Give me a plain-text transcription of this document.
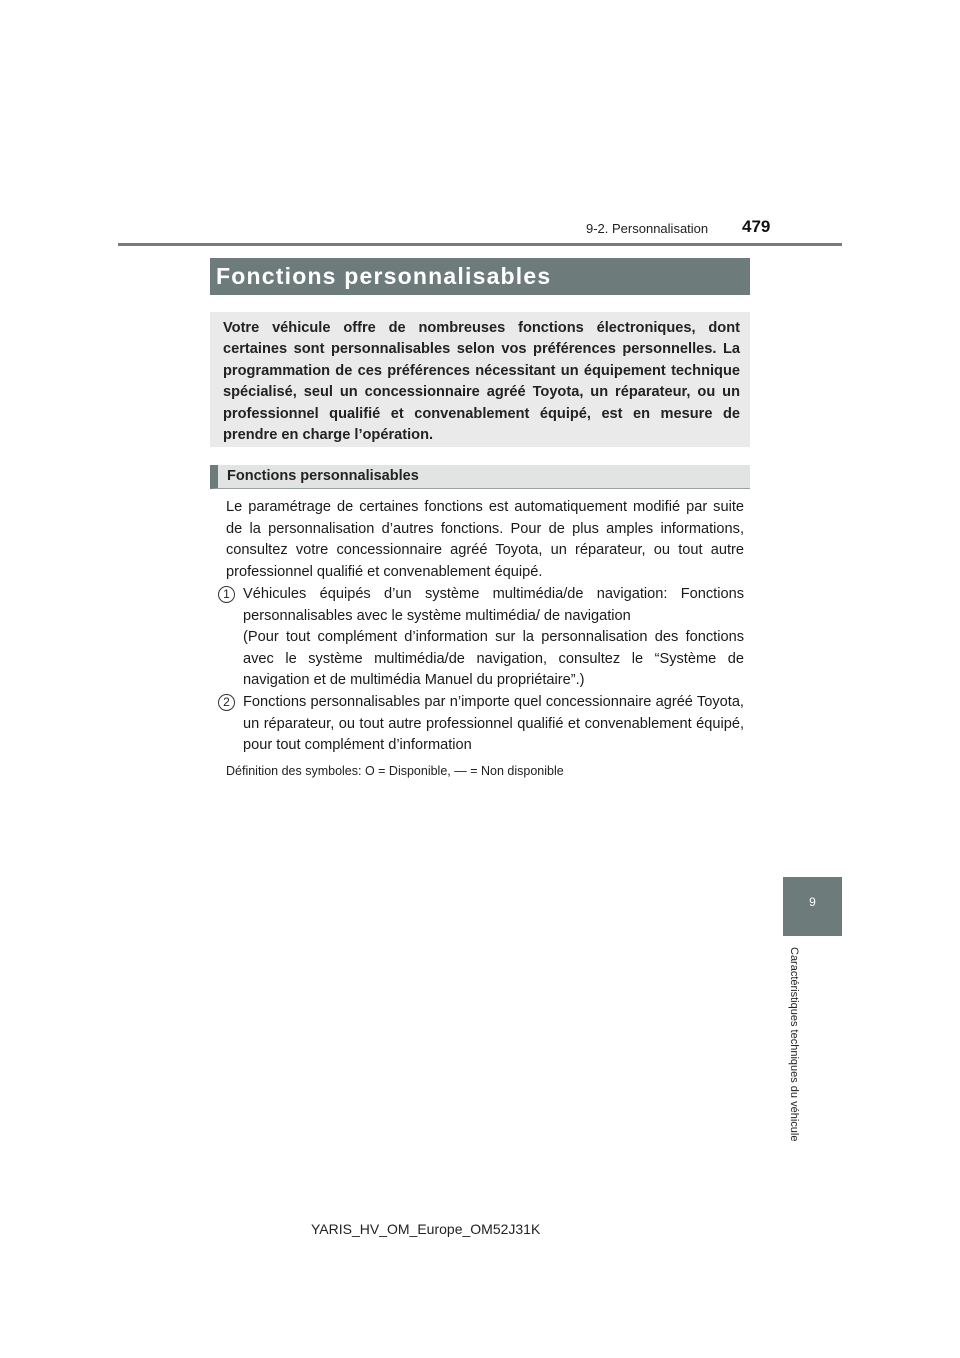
9-2. Personnalisation 479
Fonctions personnalisables
Votre véhicule offre de nombreuses fonctions électroniques, dont certaines sont personnalisables selon vos préférences personnelles. La programmation de ces préférences nécessitant un équipement technique spécialisé, seul un concessionnaire agréé Toyota, un réparateur, ou un professionnel qualifié et convenablement équipé, est en mesure de prendre en charge l’opération.
Fonctions personnalisables
Le paramétrage de certaines fonctions est automatiquement modifié par suite de la personnalisation d’autres fonctions. Pour de plus amples informations, consultez votre concessionnaire agréé Toyota, un réparateur, ou tout autre professionnel qualifié et convenablement équipé.
1 Véhicules équipés d’un système multimédia/de navigation: Fonctions personnalisables avec le système multimédia/ de navigation
(Pour tout complément d’information sur la personnalisation des fonctions avec le système multimédia/de navigation, consultez le “Système de navigation et de multimédia Manuel du propriétaire”.)
2 Fonctions personnalisables par n’importe quel concessionnaire agréé Toyota, un réparateur, ou tout autre professionnel qualifié et convenablement équipé, pour tout complément d’information
Définition des symboles: O = Disponible, — = Non disponible
9
Caractéristiques techniques du véhicule
YARIS_HV_OM_Europe_OM52J31K
